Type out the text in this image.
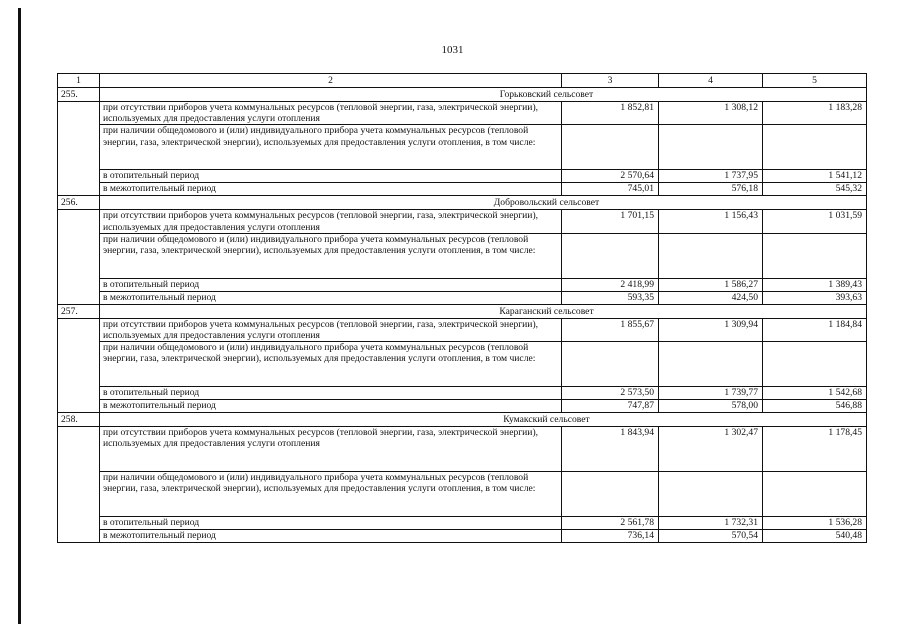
1031
1	2	3	4	5
255.	Горьковский сельсовет			
	при отсутствии приборов учета коммунальных ресурсов (тепловой энергии, газа, электрической энергии), используемых для предоставления услуги отопления	1 852,81	1 308,12	1 183,28
	при наличии общедомового и (или) индивидуального прибора учета коммунальных ресурсов (тепловой энергии, газа, электрической энергии), используемых для предоставления услуги отопления, в том числе:			
	в отопительный период	2 570,64	1 737,95	1 541,12
	в межотопительный период	745,01	576,18	545,32
256.	Добровольский сельсовет			
	при отсутствии приборов учета коммунальных ресурсов (тепловой энергии, газа, электрической энергии), используемых для предоставления услуги отопления	1 701,15	1 156,43	1 031,59
	при наличии общедомового и (или) индивидуального прибора учета коммунальных ресурсов (тепловой энергии, газа, электрической энергии), используемых для предоставления услуги отопления, в том числе:			
	в отопительный период	2 418,99	1 586,27	1 389,43
	в межотопительный период	593,35	424,50	393,63
257.	Караганский сельсовет			
	при отсутствии приборов учета коммунальных ресурсов (тепловой энергии, газа, электрической энергии), используемых для предоставления услуги отопления	1 855,67	1 309,94	1 184,84
	при наличии общедомового и (или) индивидуального прибора учета коммунальных ресурсов (тепловой энергии, газа, электрической энергии), используемых для предоставления услуги отопления, в том числе:			
	в отопительный период	2 573,50	1 739,77	1 542,68
	в межотопительный период	747,87	578,00	546,88
258.	Кумакский сельсовет			
	при отсутствии приборов учета коммунальных ресурсов (тепловой энергии, газа, электрической энергии), используемых для предоставления услуги отопления	1 843,94	1 302,47	1 178,45
	при наличии общедомового и (или) индивидуального прибора учета коммунальных ресурсов (тепловой энергии, газа, электрической энергии), используемых для предоставления услуги отопления, в том числе:			
	в отопительный период	2 561,78	1 732,31	1 536,28
	в межотопительный период	736,14	570,54	540,48
